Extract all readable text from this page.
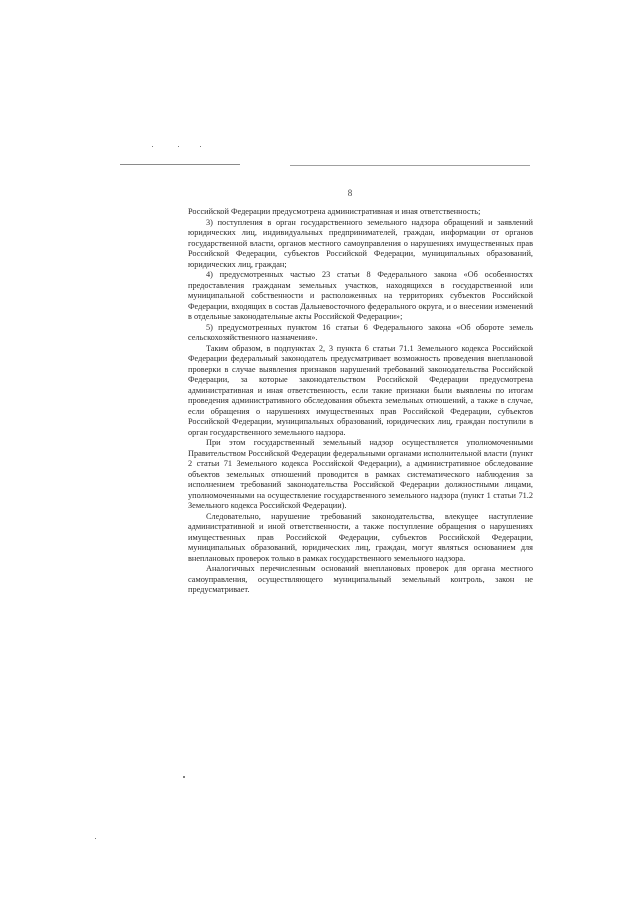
8

Российской Федерации предусмотрена административная и иная ответственность;

3) поступления в орган государственного земельного надзора обращений и заявлений юридических лиц, индивидуальных предпринимателей, граждан, информации от органов государственной власти, органов местного самоуправления о нарушениях имущественных прав Российской Федерации, субъектов Российской Федерации, муниципальных образований, юридических лиц, граждан;

4) предусмотренных частью 23 статьи 8 Федерального закона «Об особенностях предоставления гражданам земельных участков, находящихся в государственной или муниципальной собственности и расположенных на территориях субъектов Российской Федерации, входящих в состав Дальневосточного федерального округа, и о внесении изменений в отдельные законодательные акты Российской Федерации»;

5) предусмотренных пунктом 16 статьи 6 Федерального закона «Об обороте земель сельскохозяйственного назначения».

Таким образом, в подпунктах 2, 3 пункта 6 статьи 71.1 Земельного кодекса Российской Федерации федеральный законодатель предусматривает возможность проведения внеплановой проверки в случае выявления признаков нарушений требований законодательства Российской Федерации, за которые законодательством Российской Федерации предусмотрена административная и иная ответственность, если такие признаки были выявлены по итогам проведения административного обследования объекта земельных отношений, а также в случае, если обращения о нарушениях имущественных прав Российской Федерации, субъектов Российской Федерации, муниципальных образований, юридических лиц, граждан поступили в орган государственного земельного надзора.

При этом государственный земельный надзор осуществляется уполномоченными Правительством Российской Федерации федеральными органами исполнительной власти (пункт 2 статьи 71 Земельного кодекса Российской Федерации), а административное обследование объектов земельных отношений проводится в рамках систематического наблюдения за исполнением требований законодательства Российской Федерации должностными лицами, уполномоченными на осуществление государственного земельного надзора (пункт 1 статьи 71.2 Земельного кодекса Российской Федерации).

Следовательно, нарушение требований законодательства, влекущее наступление административной и иной ответственности, а также поступление обращения о нарушениях имущественных прав Российской Федерации, субъектов Российской Федерации, муниципальных образований, юридических лиц, граждан, могут являться основанием для внеплановых проверок только в рамках государственного земельного надзора.

Аналогичных перечисленным оснований внеплановых проверок для органа местного самоуправления, осуществляющего муниципальный земельный контроль, закон не предусматривает.
